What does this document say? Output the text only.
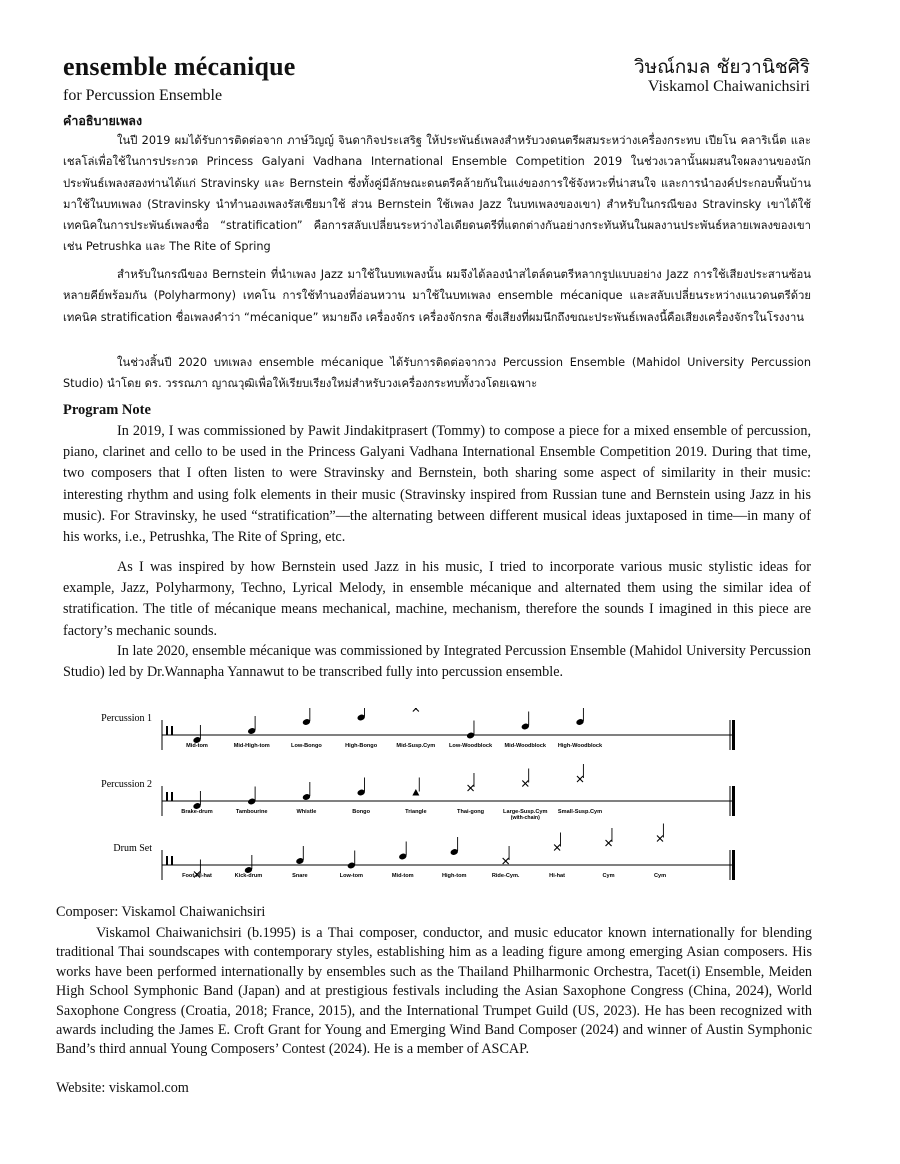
ensemble mécanique
for Percussion Ensemble
วิษณ์กมล ชัยวานิชศิริ
Viskamol Chaiwanichsiri
คำอธิบายเพลง

ในปี 2019 ผมได้รับการติดต่อจาก ภาษ์วิญญ์ จินดากิจประเสริฐ ให้ประพันธ์เพลงสำหรับวงดนตรีผสมระหว่างเครื่องกระทบ เปียโน คลาริเน็ต และ เชลโล่เพื่อใช้ในการประกวด Princess Galyani Vadhana International Ensemble Competition 2019 ในช่วงเวลานั้นผมสนใจผลงานของนักประพันธ์เพลงสองท่านได้แก่ Stravinsky และ Bernstein ซึ่งทั้งคู่มีลักษณะดนตรีคล้ายกันในแง่ของการใช้จังหวะที่น่าสนใจ และการนำองค์ประกอบพื้นบ้านมาใช้ในบทเพลง (Stravinsky นำทำนองเพลงรัสเซียมาใช้ ส่วน Bernstein ใช้เพลง Jazz ในบทเพลงของเขา) สำหรับในกรณีของ Stravinsky เขาได้ใช้เทคนิคในการประพันธ์เพลงชื่อ “stratification” คือการสลับเปลี่ยนระหว่างไอเดียดนตรีที่แตกต่างกันอย่างกระทันหันในผลงานประพันธ์หลายเพลงของเขา เช่น Petrushka และ The Rite of Spring

สำหรับในกรณีของ Bernstein ที่นำเพลง Jazz มาใช้ในบทเพลงนั้น ผมจึงได้ลองนำสไตล์ดนตรีหลากรูปแบบอย่าง Jazz การใช้เสียงประสานซ้อนหลายคีย์พร้อมกัน (Polyharmony) เทคโน การใช้ทำนองที่อ่อนหวาน มาใช้ในบทเพลง ensemble mécanique และสลับเปลี่ยนระหว่างแนวดนตรีด้วยเทคนิค stratification ชื่อเพลงคำว่า “mécanique” หมายถึง เครื่องจักร เครื่องจักรกล ซึ่งเสียงที่ผมนึกถึงขณะประพันธ์เพลงนี้คือเสียงเครื่องจักรในโรงงาน

ในช่วงสิ้นปี 2020 บทเพลง ensemble mécanique ได้รับการติดต่อจากวง Percussion Ensemble (Mahidol University Percussion Studio) นำโดย ดร. วรรณภา ญาณวุฒิเพื่อให้เรียบเรียงใหม่สำหรับวงเครื่องกระทบทั้งวงโดยเฉพาะ

Program Note

In 2019, I was commissioned by Pawit Jindakitprasert (Tommy) to compose a piece for a mixed ensemble of percussion, piano, clarinet and cello to be used in the Princess Galyani Vadhana International Ensemble Competition 2019. During that time, two composers that I often listen to were Stravinsky and Bernstein, both sharing some aspect of similarity in their music: interesting rhythm and using folk elements in their music (Stravinsky inspired from Russian tune and Bernstein using Jazz in his music). For Stravinsky, he used “stratification”—the alternating between different musical ideas juxtaposed in time—in many of his works, i.e., Petrushka, The Rite of Spring, etc.

As I was inspired by how Bernstein used Jazz in his music, I tried to incorporate various music stylistic ideas for example, Jazz, Polyharmony, Techno, Lyrical Melody, in ensemble mécanique and alternated them using the similar idea of stratification. The title of mécanique means mechanical, machine, mechanism, therefore the sounds I imagined in this piece are factory’s mechanic sounds.

In late 2020, ensemble mécanique was commissioned by Integrated Percussion Ensemble (Mahidol University Percussion Studio) led by Dr.Wannapha Yannawut to be transcribed fully into percussion ensemble.

Percussion 1
Mid-tom	Mid-High-tom	Low-Bongo	High-Bongo	Mid-Susp.Cym Low-Woodblock Mid-Woodblock High-Woodblock
Percussion 2
Brake-drum	Tambourine	Whistle	Bongo	Triangle	Thai-gong	Large-Susp.Cym
(with-chain)
Small-Susp.Cym
Drum Set
Foot-Hi-hat	Kick-drum	Snare	Low-tom	Mid-tom	High-tom	Ride-Cym.	Hi-hat	Cym	Cym
Composer: Viskamol Chaiwanichsiri

Viskamol Chaiwanichsiri (b.1995) is a Thai composer, conductor, and music educator known internationally for blending traditional Thai soundscapes with contemporary styles, establishing him as a leading figure among emerging Asian composers. His works have been performed internationally by ensembles such as the Thailand Philharmonic Orchestra, Tacet(i) Ensemble, Meiden High School Symphonic Band (Japan) and at prestigious festivals including the Asian Saxophone Congress (China, 2024), World Saxophone Congress (Croatia, 2018; France, 2015), and the International Trumpet Guild (US, 2023). He has been recognized with awards including the James E. Croft Grant for Young and Emerging Wind Band Composer (2024) and winner of Austin Symphonic Band’s third annual Young Composers’ Contest (2024). He is a member of ASCAP.

Website: viskamol.com
